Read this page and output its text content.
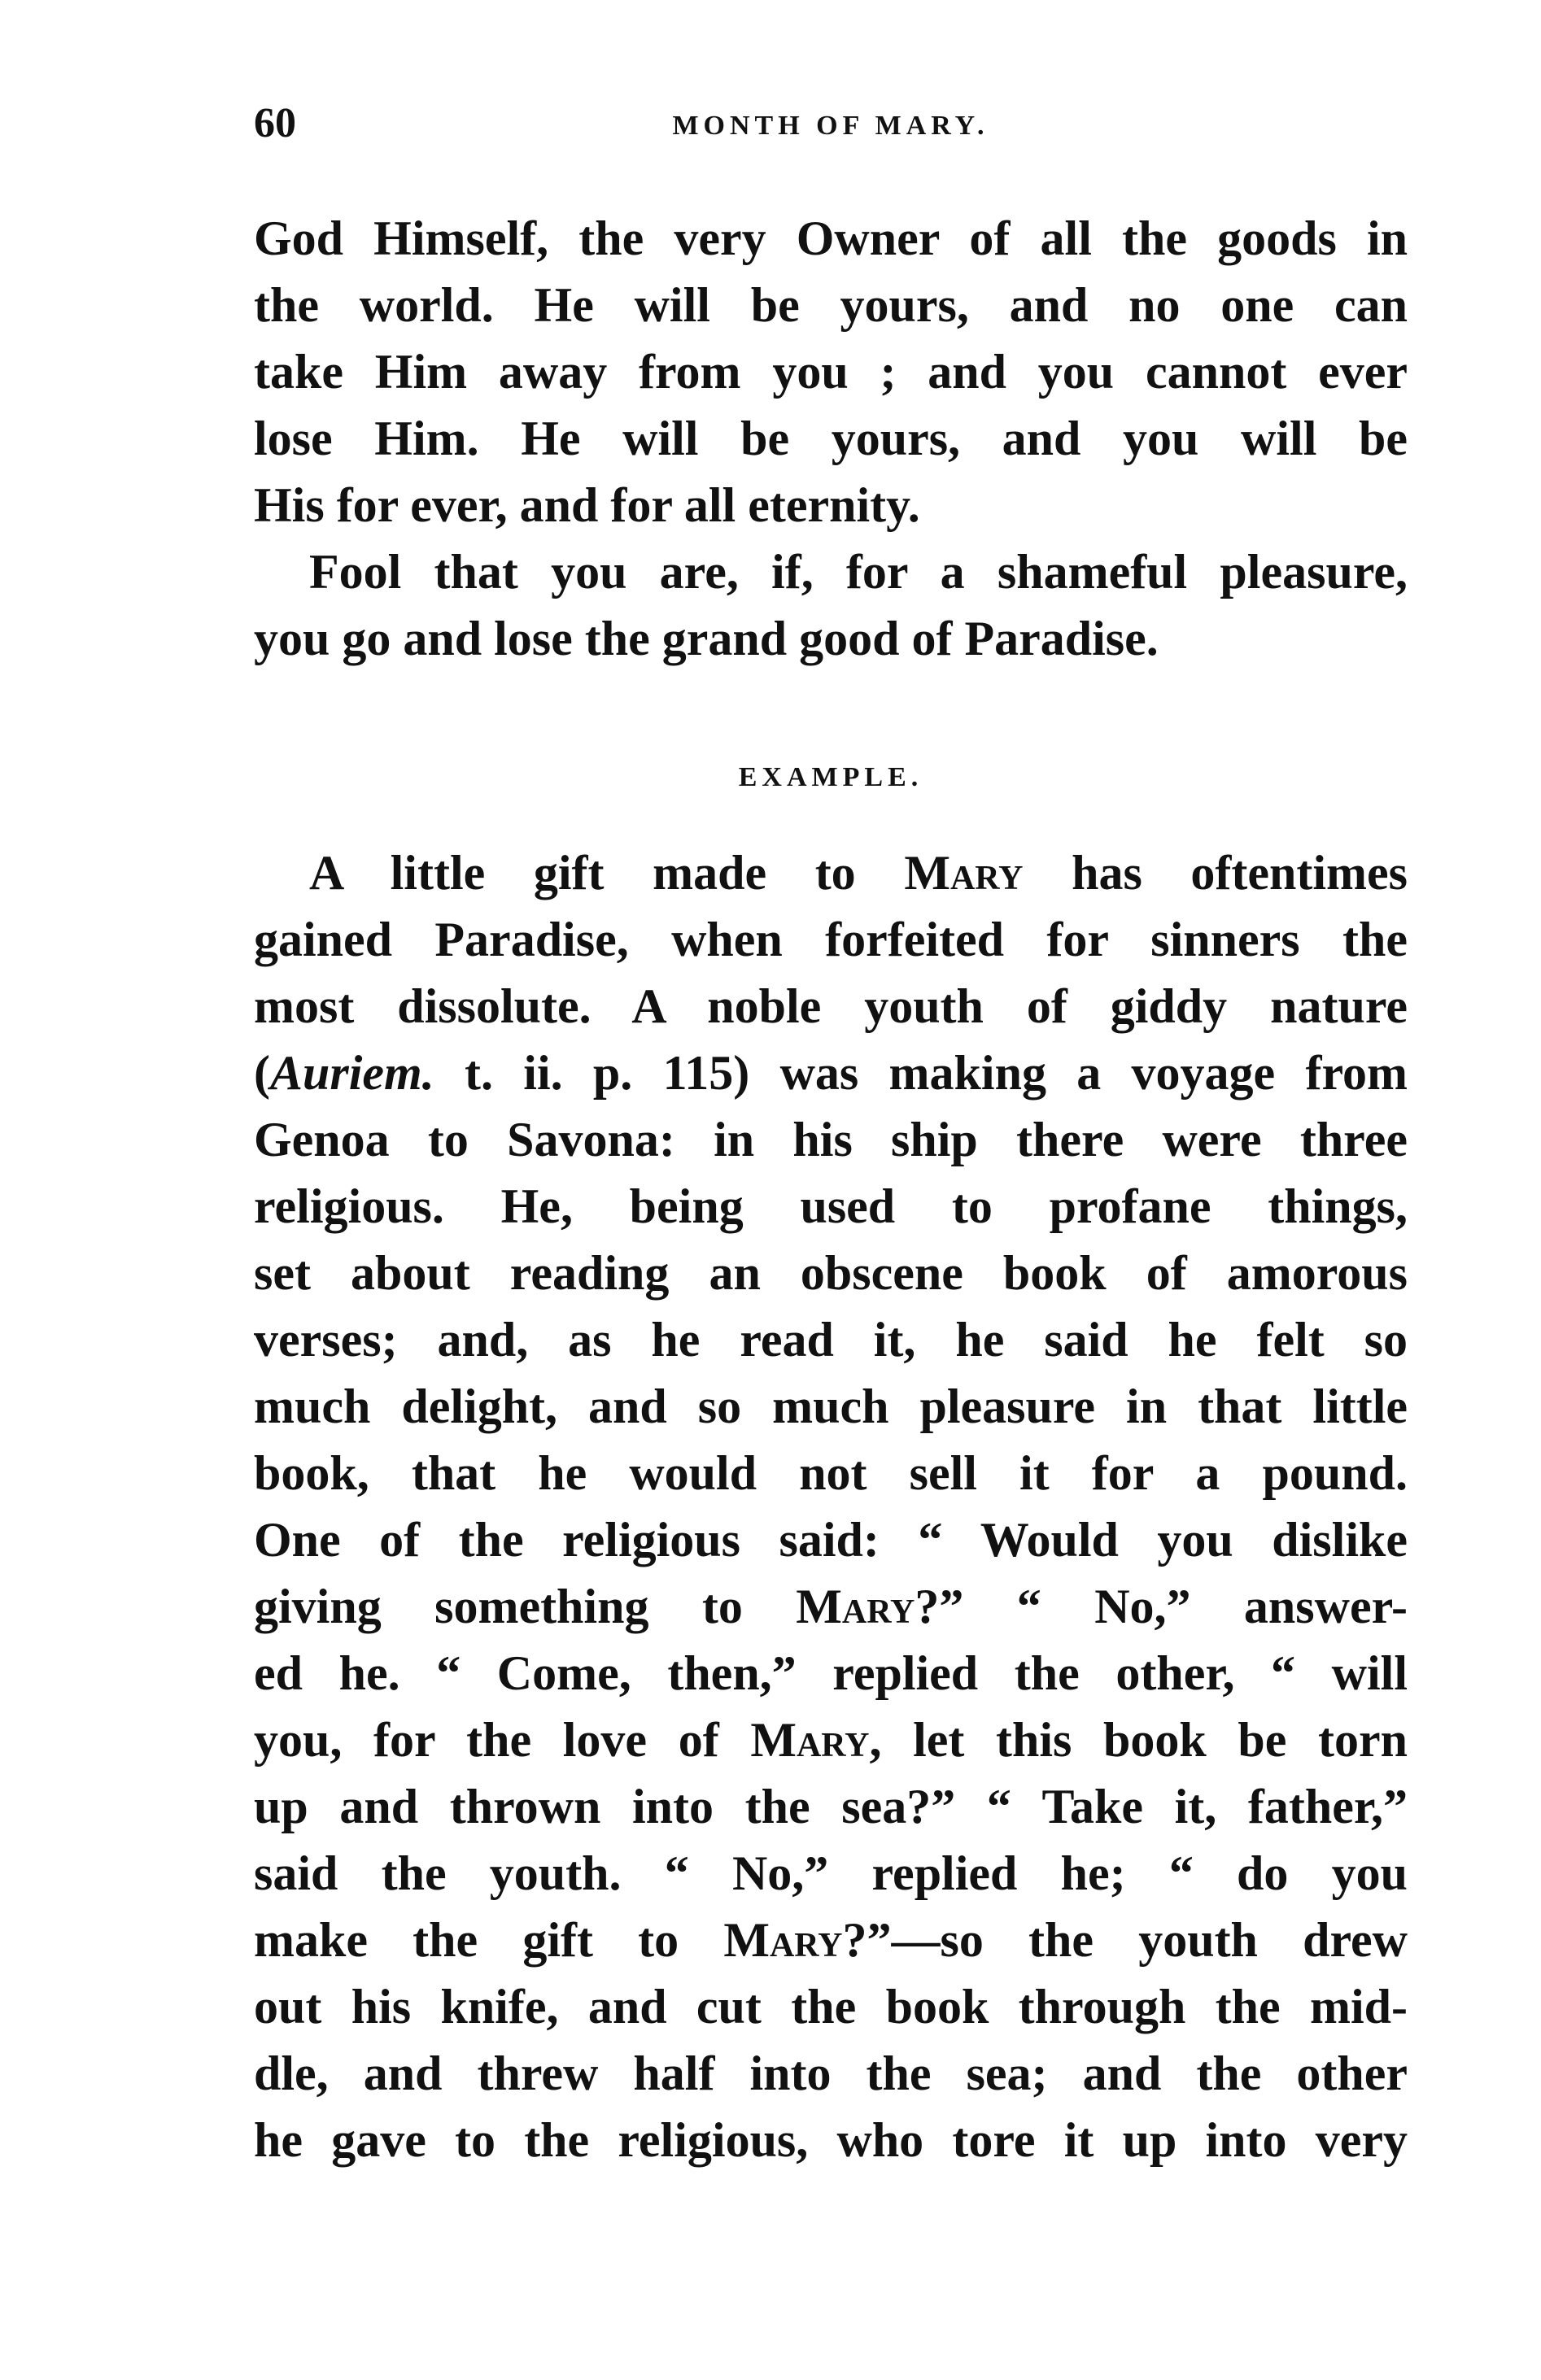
60	MONTH OF MARY.
God Himself, the very Owner of all the goods in
the world. He will be yours, and no one can
take Him away from you ; and you cannot ever
lose Him. He will be yours, and you will be
His for ever, and for all eternity.
Fool that you are, if, for a shameful pleasure,
you go and lose the grand good of Paradise.
EXAMPLE.
A little gift made to Mary has oftentimes
gained Paradise, when forfeited for sinners the
most dissolute. A noble youth of giddy nature
(Auriem. t. ii. p. 115) was making a voyage from
Genoa to Savona: in his ship there were three
religious. He, being used to profane things,
set about reading an obscene book of amorous
verses; and, as he read it, he said he felt so
much delight, and so much pleasure in that little
book, that he would not sell it for a pound.
One of the religious said: “ Would you dislike
giving something to Mary?” “ No,” answer-
ed he. “ Come, then,” replied the other, “ will
you, for the love of Mary, let this book be torn
up and thrown into the sea?” “ Take it, father,”
said the youth. “ No,” replied he; “ do you
make the gift to Mary?”—so the youth drew
out his knife, and cut the book through the mid-
dle, and threw half into the sea; and the other
he gave to the religious, who tore it up into very
